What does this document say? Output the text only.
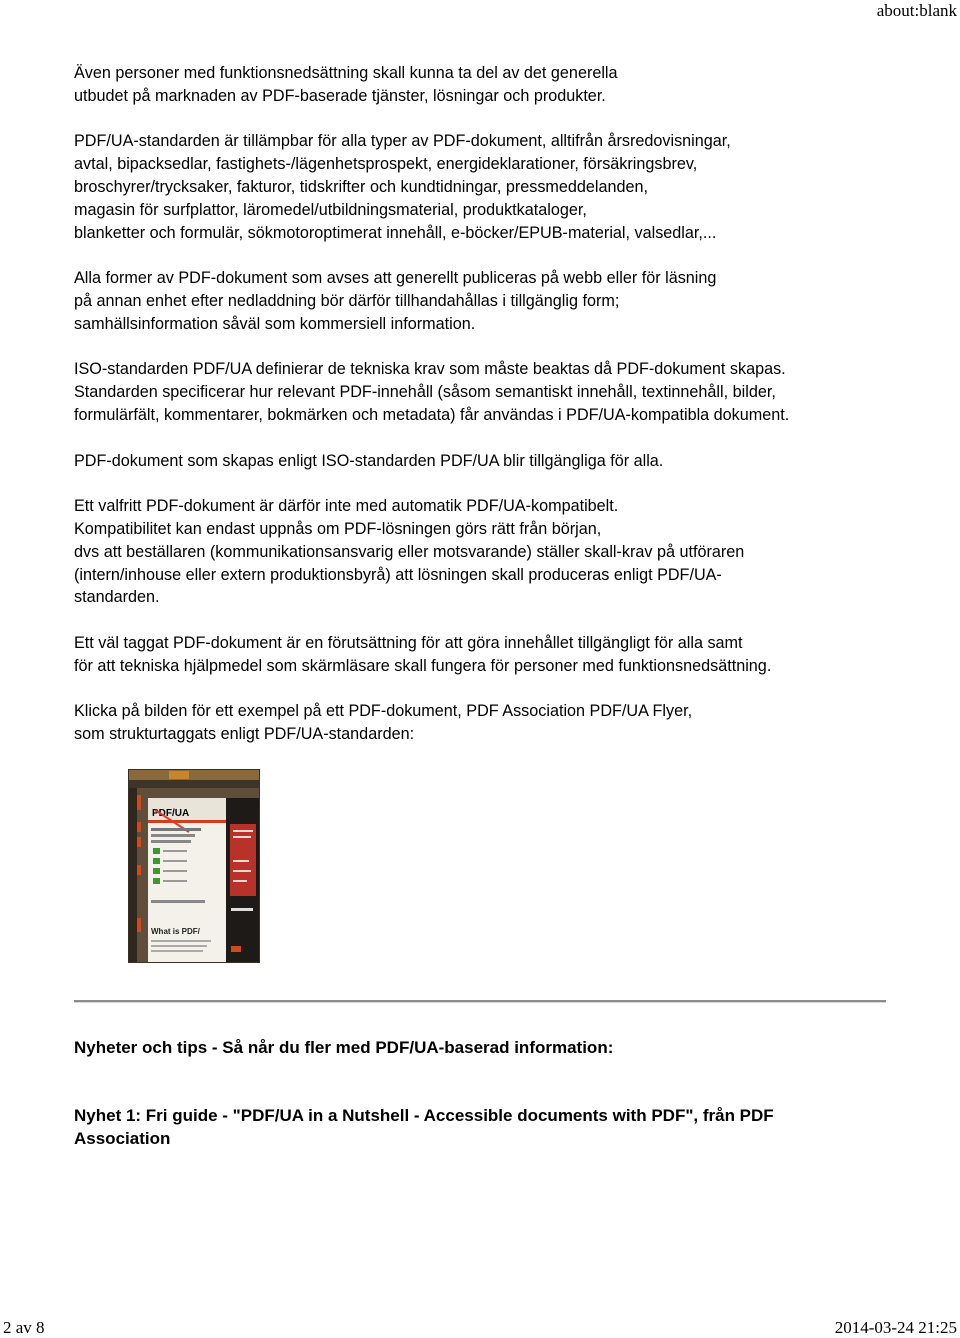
about:blank

Även personer med funktionsnedsättning skall kunna ta del av det generella
utbudet på marknaden av PDF-baserade tjänster, lösningar och produkter.

PDF/UA-standarden är tillämpbar för alla typer av PDF-dokument, alltifrån årsredovisningar,
avtal, bipacksedlar, fastighets-/lägenhetsprospekt, energideklarationer, försäkringsbrev,
broschyrer/trycksaker, fakturor, tidskrifter och kundtidningar, pressmeddelanden,
magasin för surfplattor, läromedel/utbildningsmaterial, produktkataloger,
blanketter och formulär, sökmotoroptimerat innehåll, e-böcker/EPUB-material, valsedlar,...

Alla former av PDF-dokument som avses att generellt publiceras på webb eller för läsning
på annan enhet efter nedladdning bör därför tillhandahållas i tillgänglig form;
samhällsinformation såväl som kommersiell information.

ISO-standarden PDF/UA definierar de tekniska krav som måste beaktas då PDF-dokument skapas.
Standarden specificerar hur relevant PDF-innehåll (såsom semantiskt innehåll, textinnehåll, bilder,
formulärfält, kommentarer, bokmärken och metadata) får användas i PDF/UA-kompatibla dokument.

PDF-dokument som skapas enligt ISO-standarden PDF/UA blir tillgängliga för alla.

Ett valfritt PDF-dokument är därför inte med automatik PDF/UA-kompatibelt.
Kompatibilitet kan endast uppnås om PDF-lösningen görs rätt från början,
dvs att beställaren (kommunikationsansvarig eller motsvarande) ställer skall-krav på utföraren
(intern/inhouse eller extern produktionsbyrå) att lösningen skall produceras enligt PDF/UA-
standarden.

Ett väl taggat PDF-dokument är en förutsättning för att göra innehållet tillgängligt för alla samt
för att tekniska hjälpmedel som skärmläsare skall fungera för personer med funktionsnedsättning.

Klicka på bilden för ett exempel på ett PDF-dokument, PDF Association PDF/UA Flyer,
som strukturtaggats enligt PDF/UA-standarden:

PDF/UA
What is PDF/
Nyheter och tips - Så når du fler med PDF/UA-baserad information:
Nyhet 1: Fri guide - "PDF/UA in a Nutshell - Accessible documents with PDF", från PDF Association
2 av 8	2014-03-24 21:25
